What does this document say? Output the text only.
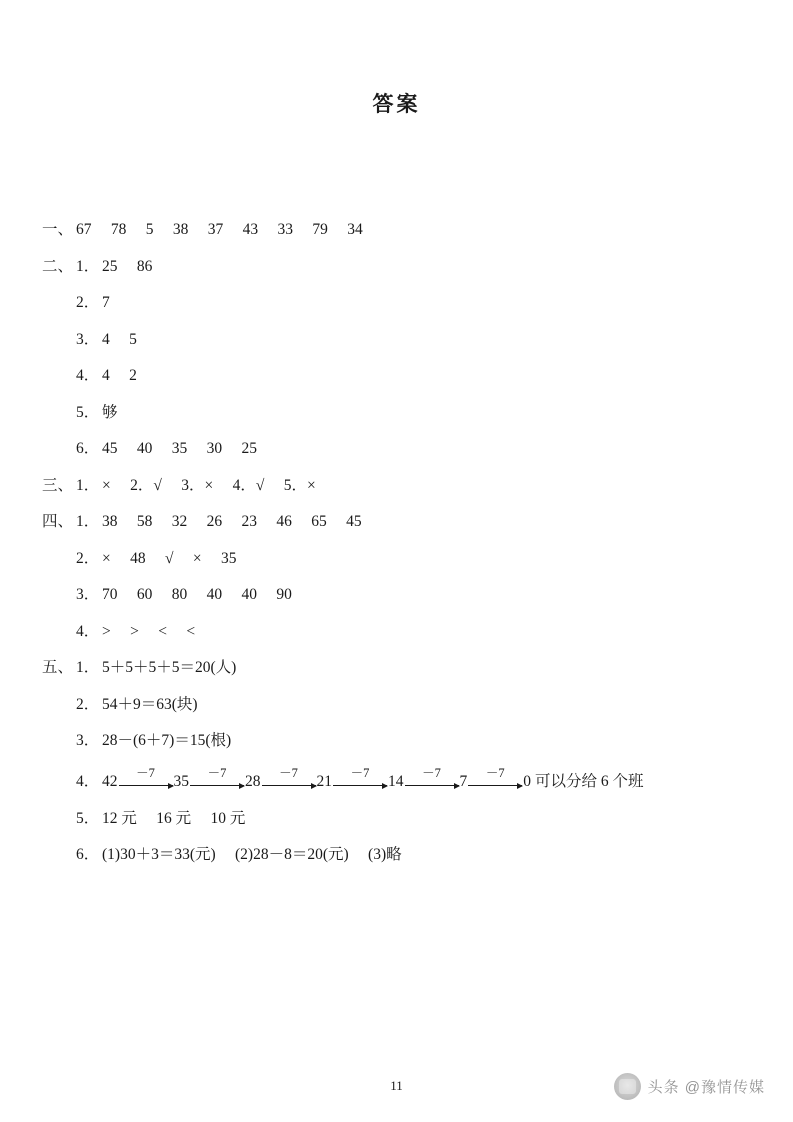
答案
一、 67  78  5  38  37  43  33  79  34
二、 1． 25  86
2． 7
3． 4  5
4． 4  2
5． 够
6． 45  40  35  30  25
三、 1． ×  2．√  3．×  4．√  5．×
四、 1． 38  58  32  26  23  46  65  45
2． ×  48  √  ×  35
3． 70  60  80  40  40  90
4． >  >  <  <
五、 1． 5＋5＋5＋5＝20(人)
2． 54＋9＝63(块)
3． 28－(6＋7)＝15(根)
4． 42
－7
35
－7
28
－7
21
－7
14
－7
7
－7
0 可以分给 6 个班
5． 12 元  16 元  10 元
6． (1)30＋3＝33(元)  (2)28－8＝20(元)  (3)略
11	头条 @豫情传媒
